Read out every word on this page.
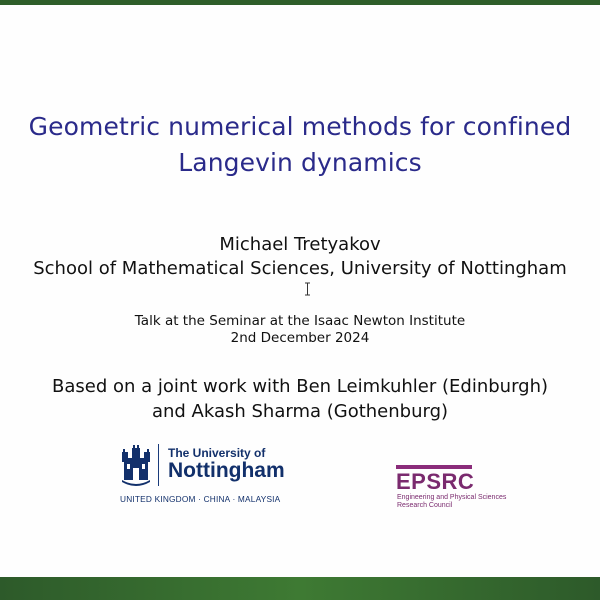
Geometric numerical methods for confined
Langevin dynamics
Michael Tretyakov
School of Mathematical Sciences, University of Nottingham
Talk at the Seminar at the Isaac Newton Institute
2nd December 2024
Based on a joint work with Ben Leimkuhler (Edinburgh)
and Akash Sharma (Gothenburg)
The University of
Nottingham
UNITED KINGDOM · CHINA · MALAYSIA
EPSRC
Engineering and Physical Sciences
Research Council
